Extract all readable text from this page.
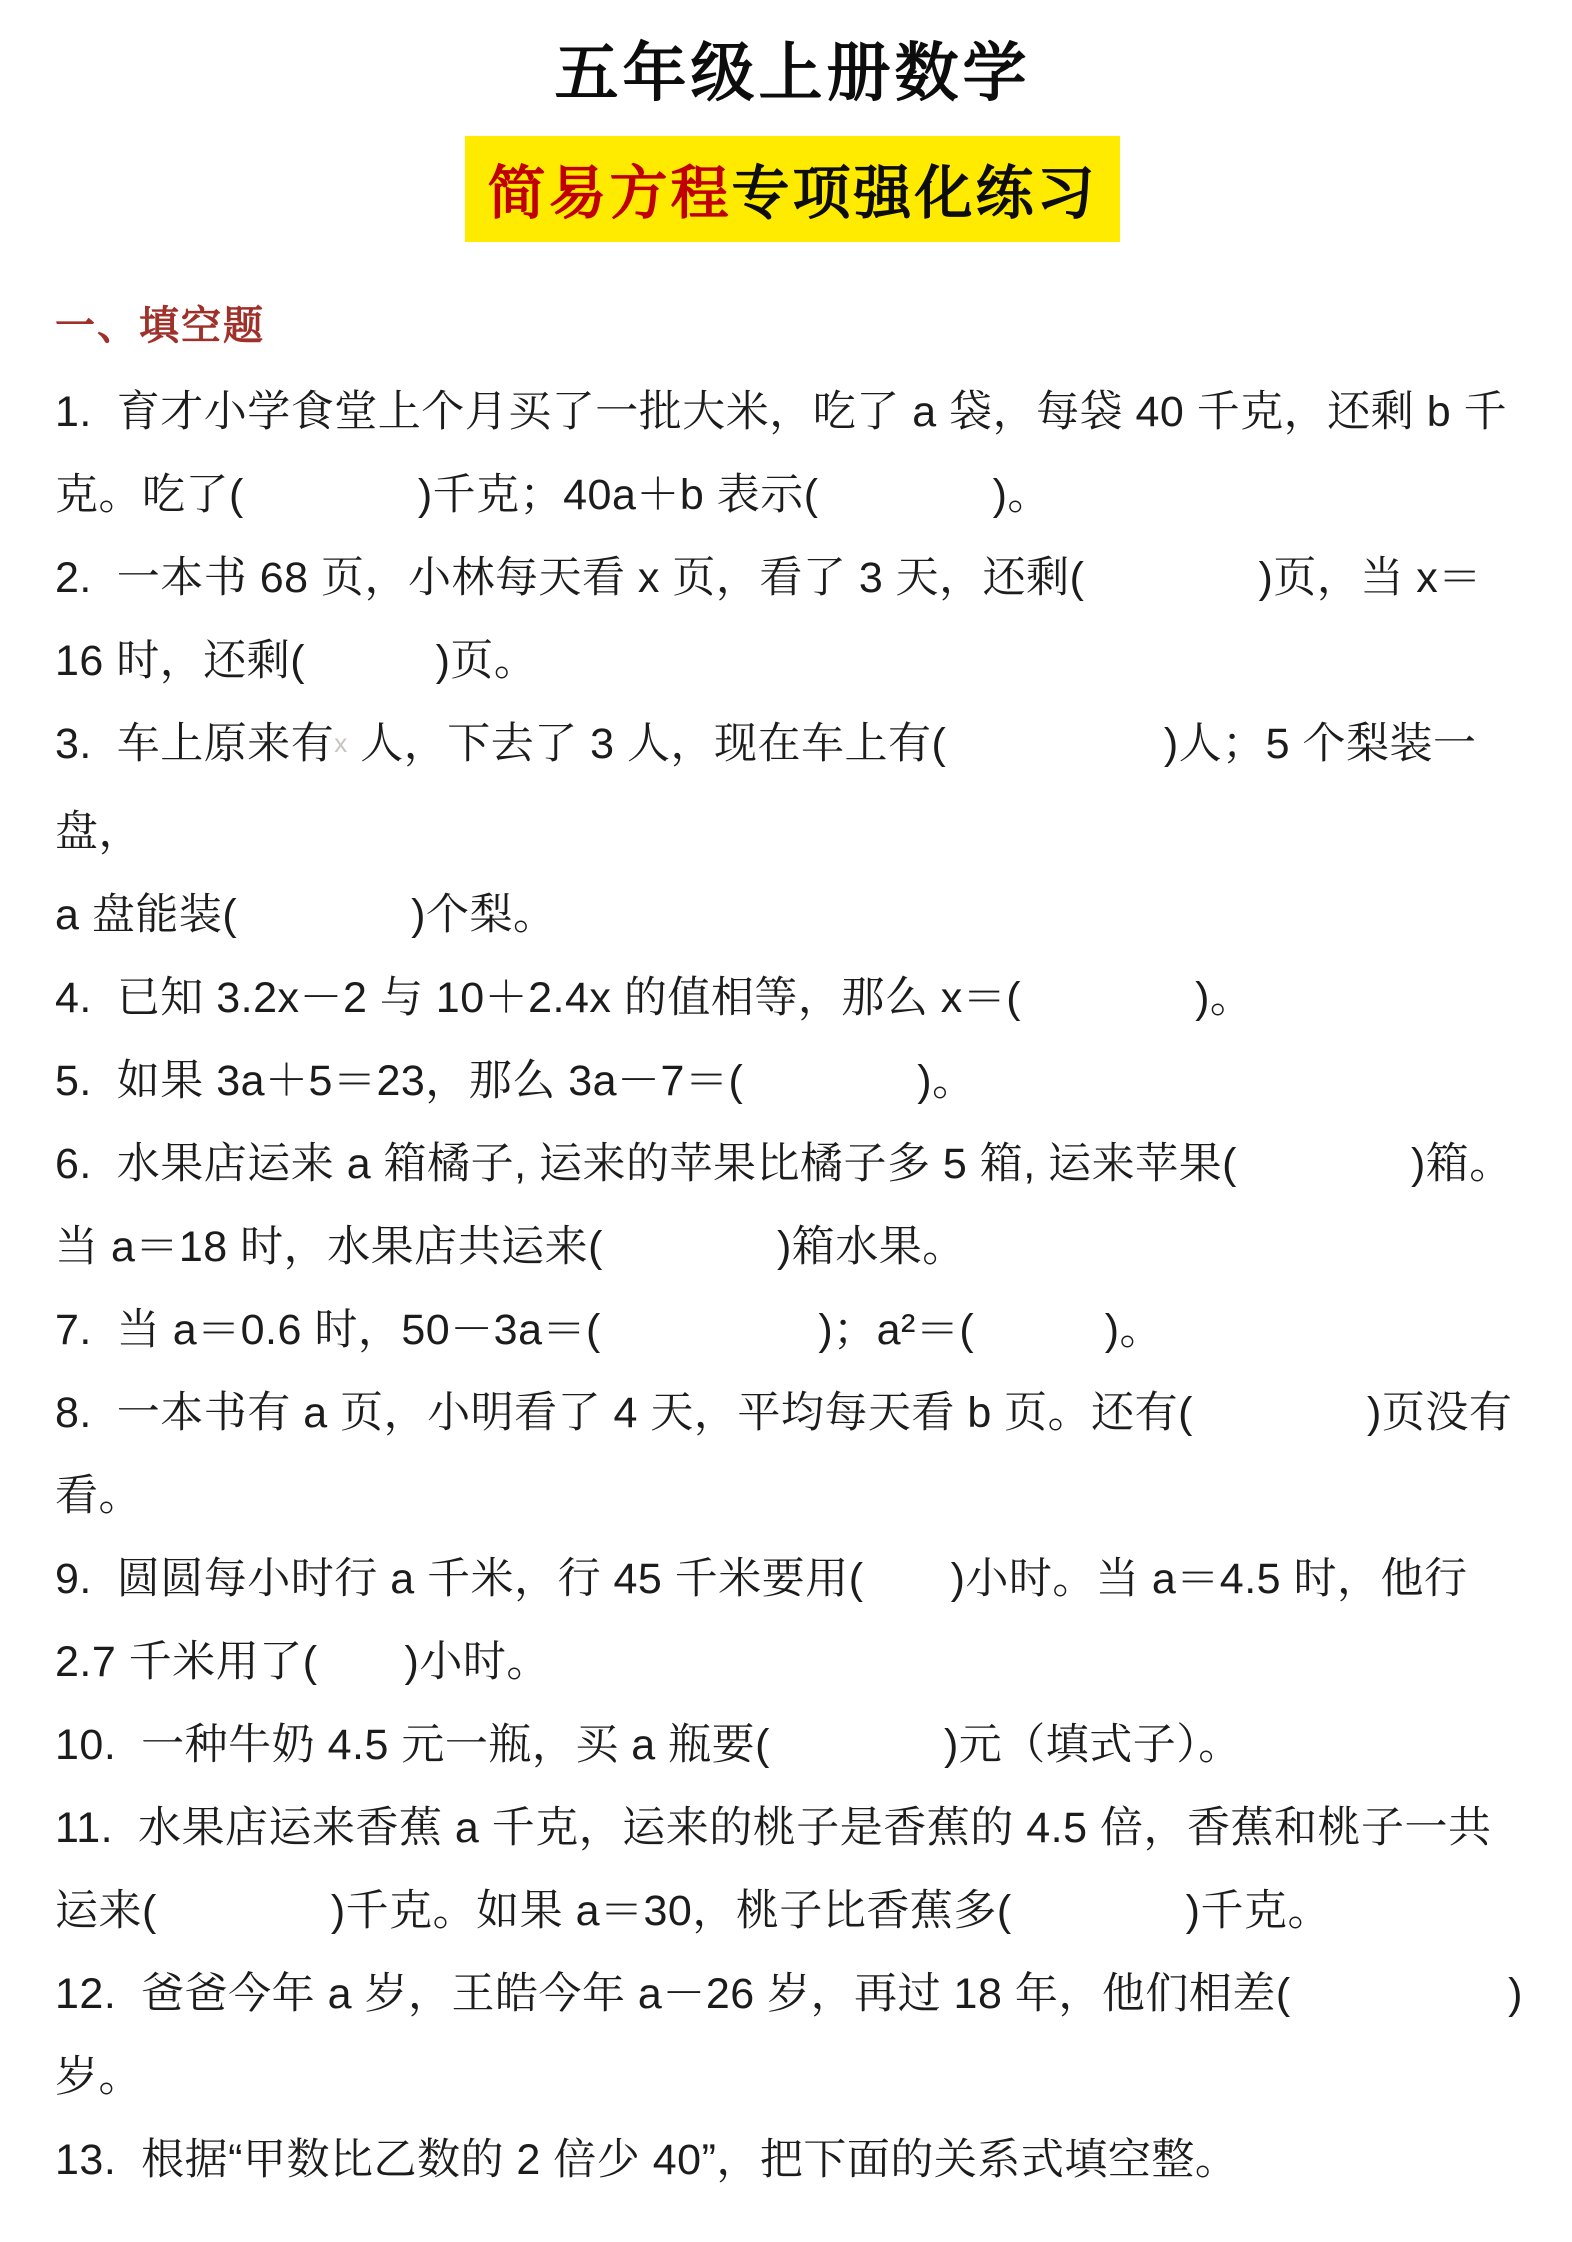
五年级上册数学
简易方程专项强化练习
一、填空题
1.  育才小学食堂上个月买了一批大米，吃了 a 袋，每袋 40 千克，还剩 b 千
克。吃了(　　　　)千克；40a＋b 表示(　　　　)。
2.  一本书 68 页，小林每天看 x 页，看了 3 天，还剩(　　　　)页，当 x＝
16 时，还剩(　　　)页。
3.  车上原来有x 人，下去了 3 人，现在车上有(　　　　　)人；5 个梨装一盘，
a 盘能装(　　　　)个梨。
4.  已知 3.2x－2 与 10＋2.4x 的值相等，那么 x＝(　　　　)。
5.  如果 3a＋5＝23，那么 3a－7＝(　　　　)。
6.  水果店运来 a 箱橘子, 运来的苹果比橘子多 5 箱, 运来苹果(　　　　)箱。
当 a＝18 时，水果店共运来(　　　　)箱水果。
7.  当 a＝0.6 时，50－3a＝(　　　　　)；a²＝(　　　)。
8.  一本书有 a 页，小明看了 4 天，平均每天看 b 页。还有(　　　　)页没有
看。
9.  圆圆每小时行 a 千米，行 45 千米要用(　　)小时。当 a＝4.5 时，他行
2.7 千米用了(　　)小时。
10.  一种牛奶 4.5 元一瓶，买 a 瓶要(　　　　)元（填式子）。
11.  水果店运来香蕉 a 千克，运来的桃子是香蕉的 4.5 倍，香蕉和桃子一共
运来(　　　　)千克。如果 a＝30，桃子比香蕉多(　　　　)千克。
12.  爸爸今年 a 岁，王皓今年 a－26 岁，再过 18 年，他们相差(　　　　　)岁。
13.  根据“甲数比乙数的 2 倍少 40”，把下面的关系式填空整。
